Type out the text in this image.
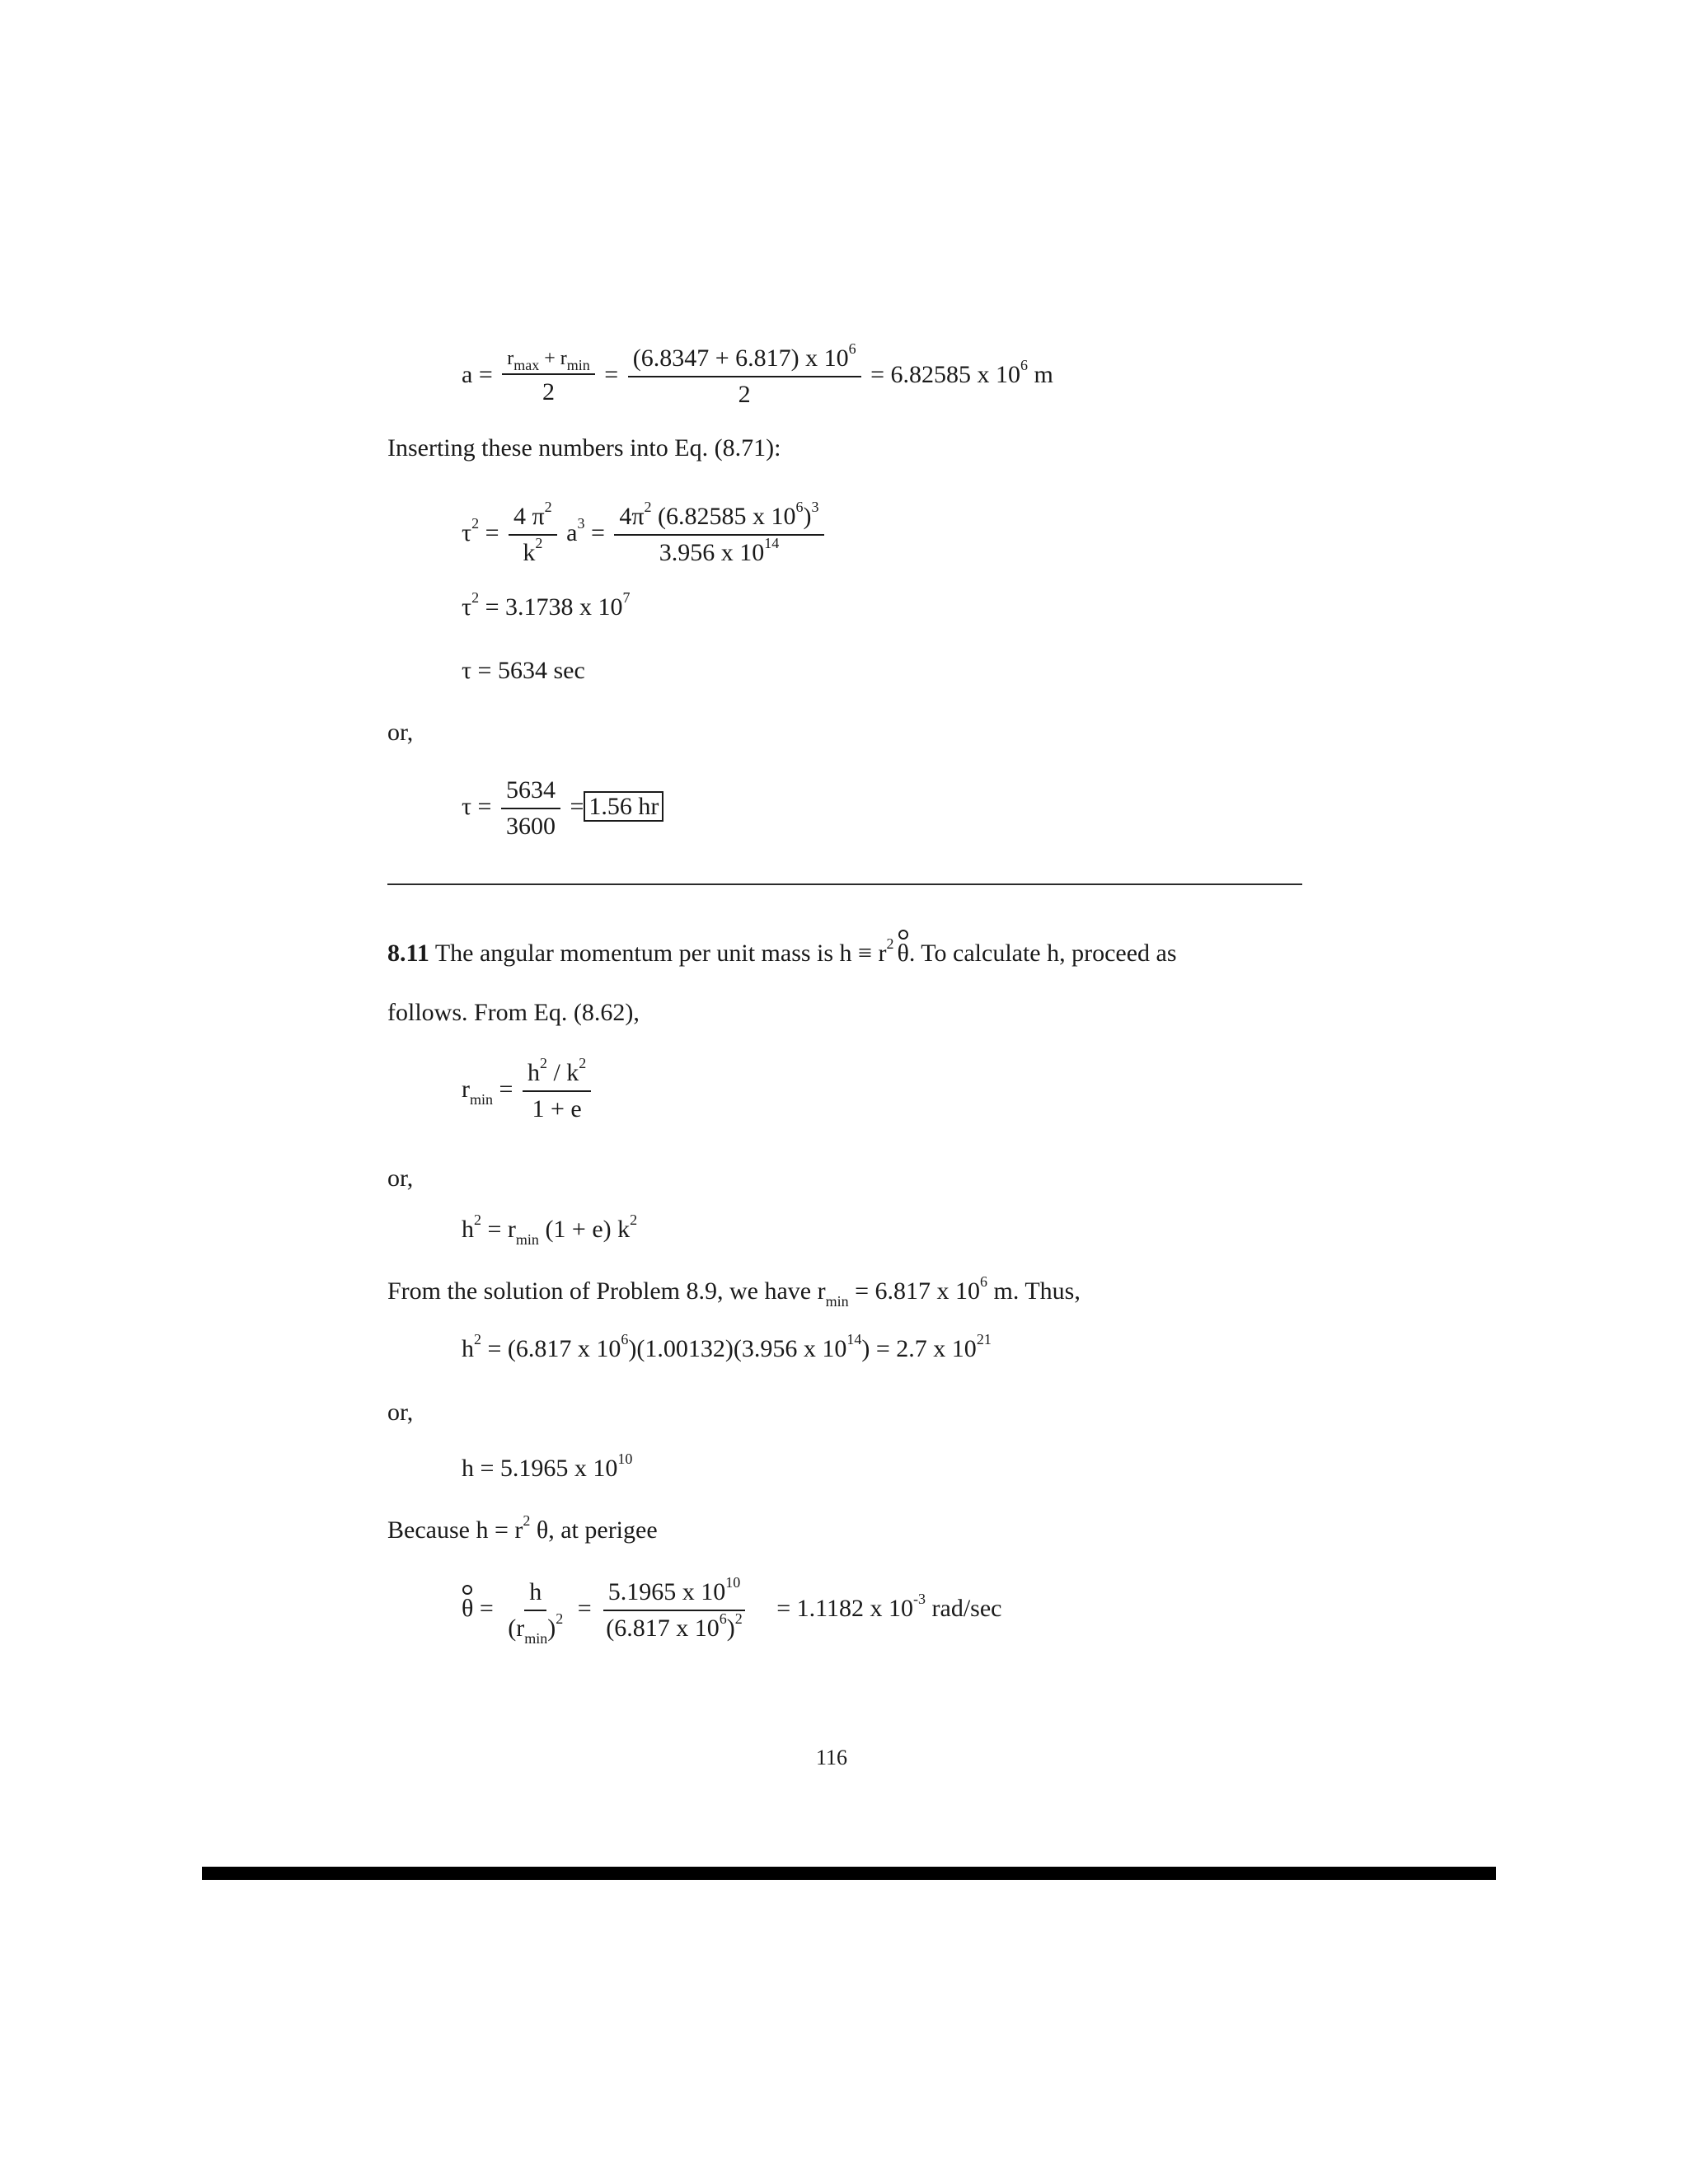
$a = \frac{r_{max} + r_{min}}{2} = \frac{(6.8347 + 6.817) x 10^6}{2} = 6.82585$ x $10^6$ m
Inserting these numbers into Eq. (8.71):
$\tau^2 = \frac{4 \pi^2}{k^2} a^3 = \frac{4\pi^2 (6.82585 x 10^6)^3}{3.956 x 10^{14}}$
$\tau^2 = 3.1738$ x $10^7$
τ = 5634 sec
or,
$\tau = \frac{5634}{3600} = 1.56$ hr
8.11 The angular momentum per unit mass is $h \equiv r^2$ θ. To calculate h, proceed as
follows. From Eq. (8.62),
$r_{min} = \frac{h^2 / k^2}{1 + e}$
or,
$h^2 = r_{min}$ (1 + e) $k^2$
From the solution of Problem 8.9, we have $r_{min} = 6.817$ x $10^6$ m. Thus,
$h^2 = (6.817$ x $10^6)(1.00132)(3.956$ x $10^{14}) = 2.7$ x $10^{21}$
or,
h = 5.1965 x $10^{10}$
Because $h = r^2$ θ, at perigee
$\theta = \frac{h}{(r_{min})^2} = \frac{5.1965 x 10^{10}}{(6.817 x 10^6)^2} = 1.1182$ x $10^{-3}$ rad/sec
116
